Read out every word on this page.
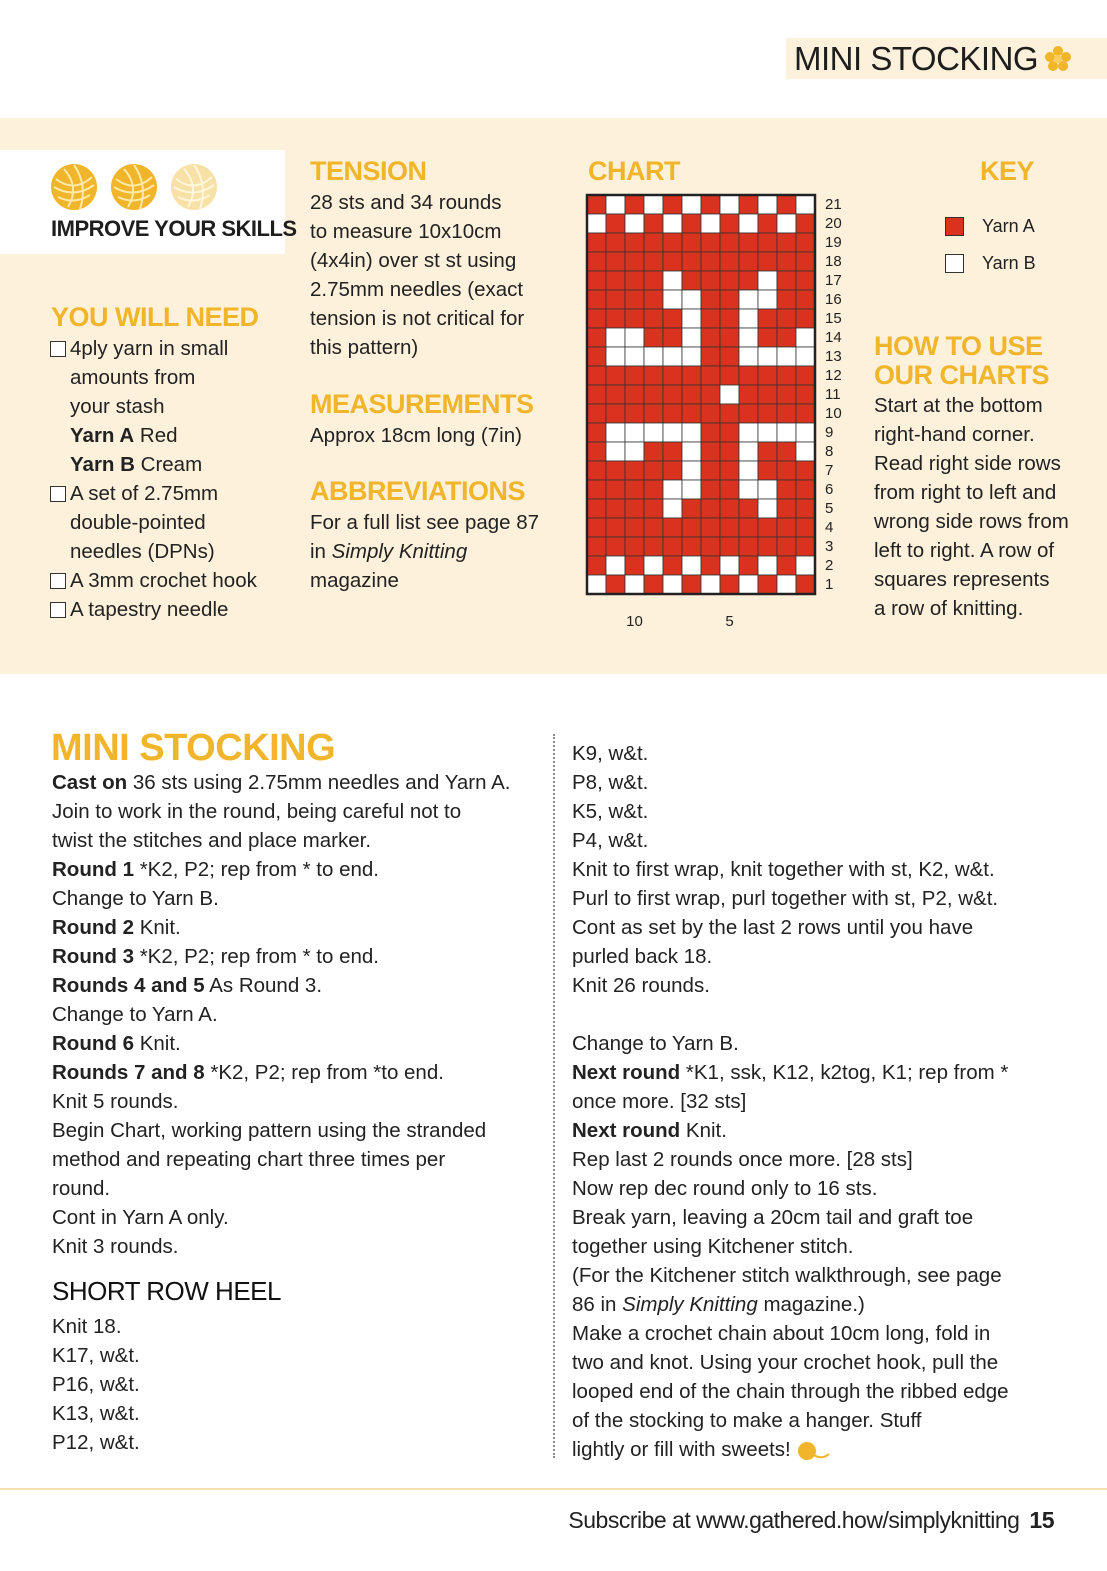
MINI STOCKING
IMPROVE YOUR SKILLS
YOU WILL NEED
4ply yarn in small
amounts from
your stash
Yarn A Red
Yarn B Cream
A set of 2.75mm
double-pointed
needles (DPNs)
A 3mm crochet hook
A tapestry needle
TENSION
28 sts and 34 rounds
to measure 10x10cm
(4x4in) over st st using
2.75mm needles (exact
tension is not critical for
this pattern)
MEASUREMENTS
Approx 18cm long (7in)
ABBREVIATIONS
For a full list see page 87
in Simply Knitting
magazine
CHART
21
20
19
18
17
16
15
14
13
12
11
10
9
8
7
6
5
4
3
2
1
10	5
KEY
Yarn A
Yarn B
HOW TO USE
OUR CHARTS
Start at the bottom
right-hand corner.
Read right side rows
from right to left and
wrong side rows from
left to right. A row of
squares represents
a row of knitting.
MINI STOCKING

Cast on 36 sts using 2.75mm needles and Yarn A.

Join to work in the round, being careful not to

twist the stitches and place marker.

Round 1 *K2, P2; rep from * to end.

Change to Yarn B.

Round 2 Knit.

Round 3 *K2, P2; rep from * to end.

Rounds 4 and 5 As Round 3.

Change to Yarn A.

Round 6 Knit.

Rounds 7 and 8 *K2, P2; rep from *to end.

Knit 5 rounds.

Begin Chart, working pattern using the stranded

method and repeating chart three times per

round.

Cont in Yarn A only.

Knit 3 rounds.

SHORT ROW HEEL

Knit 18.

K17, w&t.

P16, w&t.

K13, w&t.

P12, w&t.

K9, w&t.

P8, w&t.

K5, w&t.

P4, w&t.

Knit to first wrap, knit together with st, K2, w&t.

Purl to first wrap, purl together with st, P2, w&t.

Cont as set by the last 2 rows until you have

purled back 18.

Knit 26 rounds.

Change to Yarn B.

Next round *K1, ssk, K12, k2tog, K1; rep from *

once more. [32 sts]

Next round Knit.

Rep last 2 rounds once more. [28 sts]

Now rep dec round only to 16 sts.

Break yarn, leaving a 20cm tail and graft toe

together using Kitchener stitch.

(For the Kitchener stitch walkthrough, see page

86 in Simply Knitting magazine.)

Make a crochet chain about 10cm long, fold in

two and knot. Using your crochet hook, pull the

looped end of the chain through the ribbed edge

of the stocking to make a hanger. Stuff

lightly or fill with sweets!

Subscribe at www.gathered.how/simplyknitting 15
